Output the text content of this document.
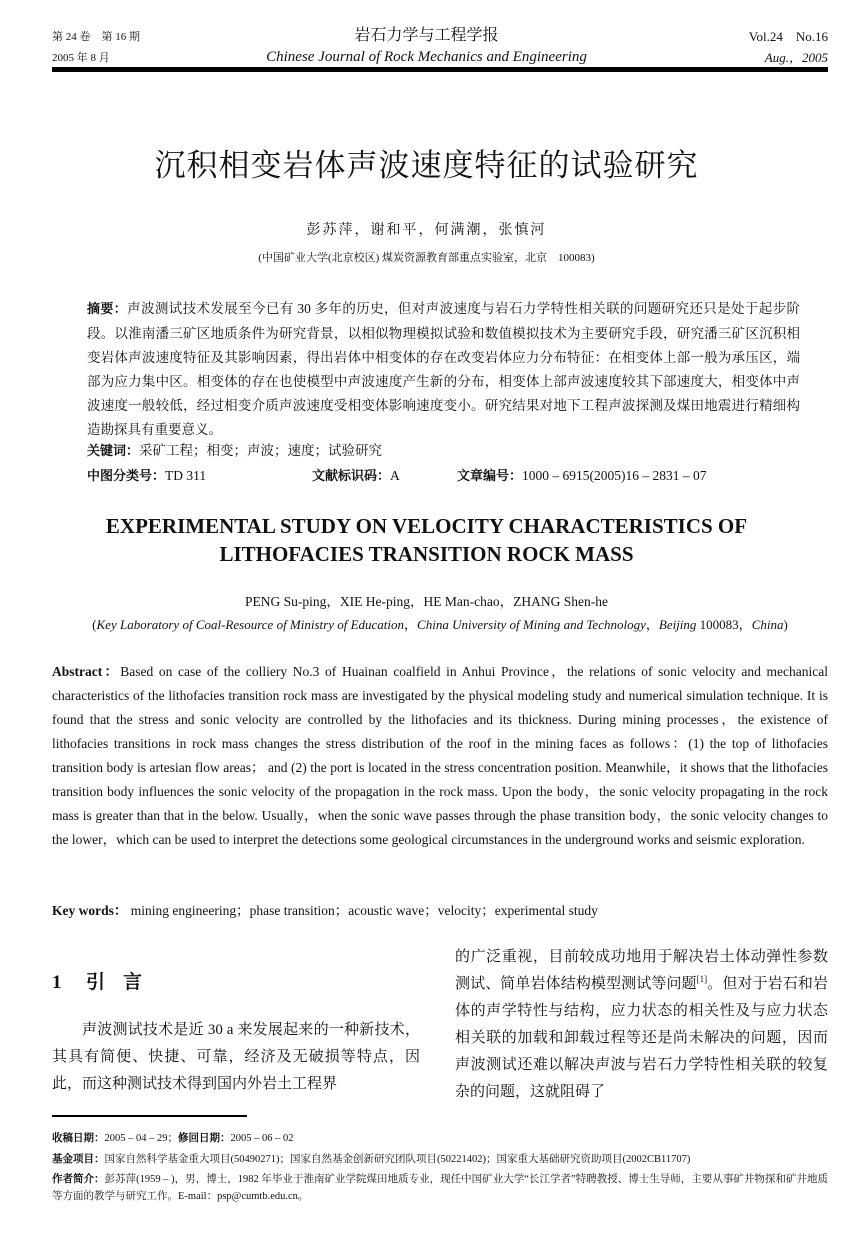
第 24 卷　第 16 期
2005 年 8 月
岩石力学与工程学报
Chinese Journal of Rock Mechanics and Engineering
Vol.24　No.16
Aug.，2005
沉积相变岩体声波速度特征的试验研究
彭苏萍，谢和平，何满潮，张慎河
(中国矿业大学(北京校区) 煤炭资源教育部重点实验室，北京　100083)
摘要：声波测试技术发展至今已有 30 多年的历史，但对声波速度与岩石力学特性相关联的问题研究还只是处于起步阶段。以淮南潘三矿区地质条件为研究背景，以相似物理模拟试验和数值模拟技术为主要研究手段，研究潘三矿区沉积相变岩体声波速度特征及其影响因素，得出岩体中相变体的存在改变岩体应力分布特征：在相变体上部一般为承压区，端部为应力集中区。相变体的存在也使模型中声波速度产生新的分布，相变体上部声波速度较其下部速度大，相变体中声波速度一般较低，经过相变介质声波速度受相变体影响速度变小。研究结果对地下工程声波探测及煤田地震进行精细构造勘探具有重要意义。
关键词：采矿工程；相变；声波；速度；试验研究
中图分类号：TD 311	文献标识码：A	文章编号：1000 – 6915(2005)16 – 2831 – 07
EXPERIMENTAL STUDY ON VELOCITY CHARACTERISTICS OF
LITHOFACIES TRANSITION ROCK MASS
PENG Su-ping，XIE He-ping，HE Man-chao，ZHANG Shen-he
(Key Laboratory of Coal-Resource of Ministry of Education，China University of Mining and Technology，Beijing 100083，China)
Abstract：Based on case of the colliery No.3 of Huainan coalfield in Anhui Province，the relations of sonic velocity and mechanical characteristics of the lithofacies transition rock mass are investigated by the physical modeling study and numerical simulation technique. It is found that the stress and sonic velocity are controlled by the lithofacies and its thickness. During mining processes，the existence of lithofacies transitions in rock mass changes the stress distribution of the roof in the mining faces as follows：(1) the top of lithofacies transition body is artesian flow areas； and (2) the port is located in the stress concentration position. Meanwhile，it shows that the lithofacies transition body influences the sonic velocity of the propagation in the rock mass. Upon the body，the sonic velocity propagating in the rock mass is greater than that in the below. Usually，when the sonic wave passes through the phase transition body，the sonic velocity changes to the lower，which can be used to interpret the detections some geological circumstances in the underground works and seismic exploration.
Key words： mining engineering；phase transition；acoustic wave；velocity；experimental study
1 引言
声波测试技术是近 30 a 来发展起来的一种新技术，其具有简便、快捷、可靠，经济及无破损等特点，因此，而这种测试技术得到国内外岩土工程界
的广泛重视，目前较成功地用于解决岩土体动弹性参数测试、简单岩体结构模型测试等问题[1]。但对于岩石和岩体的声学特性与结构，应力状态的相关性及与应力状态相关联的加载和卸载过程等还是尚未解决的问题，因而声波测试还难以解决声波与岩石力学特性相关联的较复杂的问题，这就阻碍了
收稿日期：2005 – 04 – 29；修回日期：2005 – 06 – 02
基金项目：国家自然科学基金重大项目(50490271)；国家自然基金创新研究团队项目(50221402)；国家重大基础研究资助项目(2002CB11707)
作者简介：彭苏萍(1959 – )，男，博士，1982 年毕业于淮南矿业学院煤田地质专业，现任中国矿业大学“长江学者”特聘教授、博士生导师，主要从事矿井物探和矿井地质等方面的教学与研究工作。E-mail：psp@cumtb.edu.cn。
